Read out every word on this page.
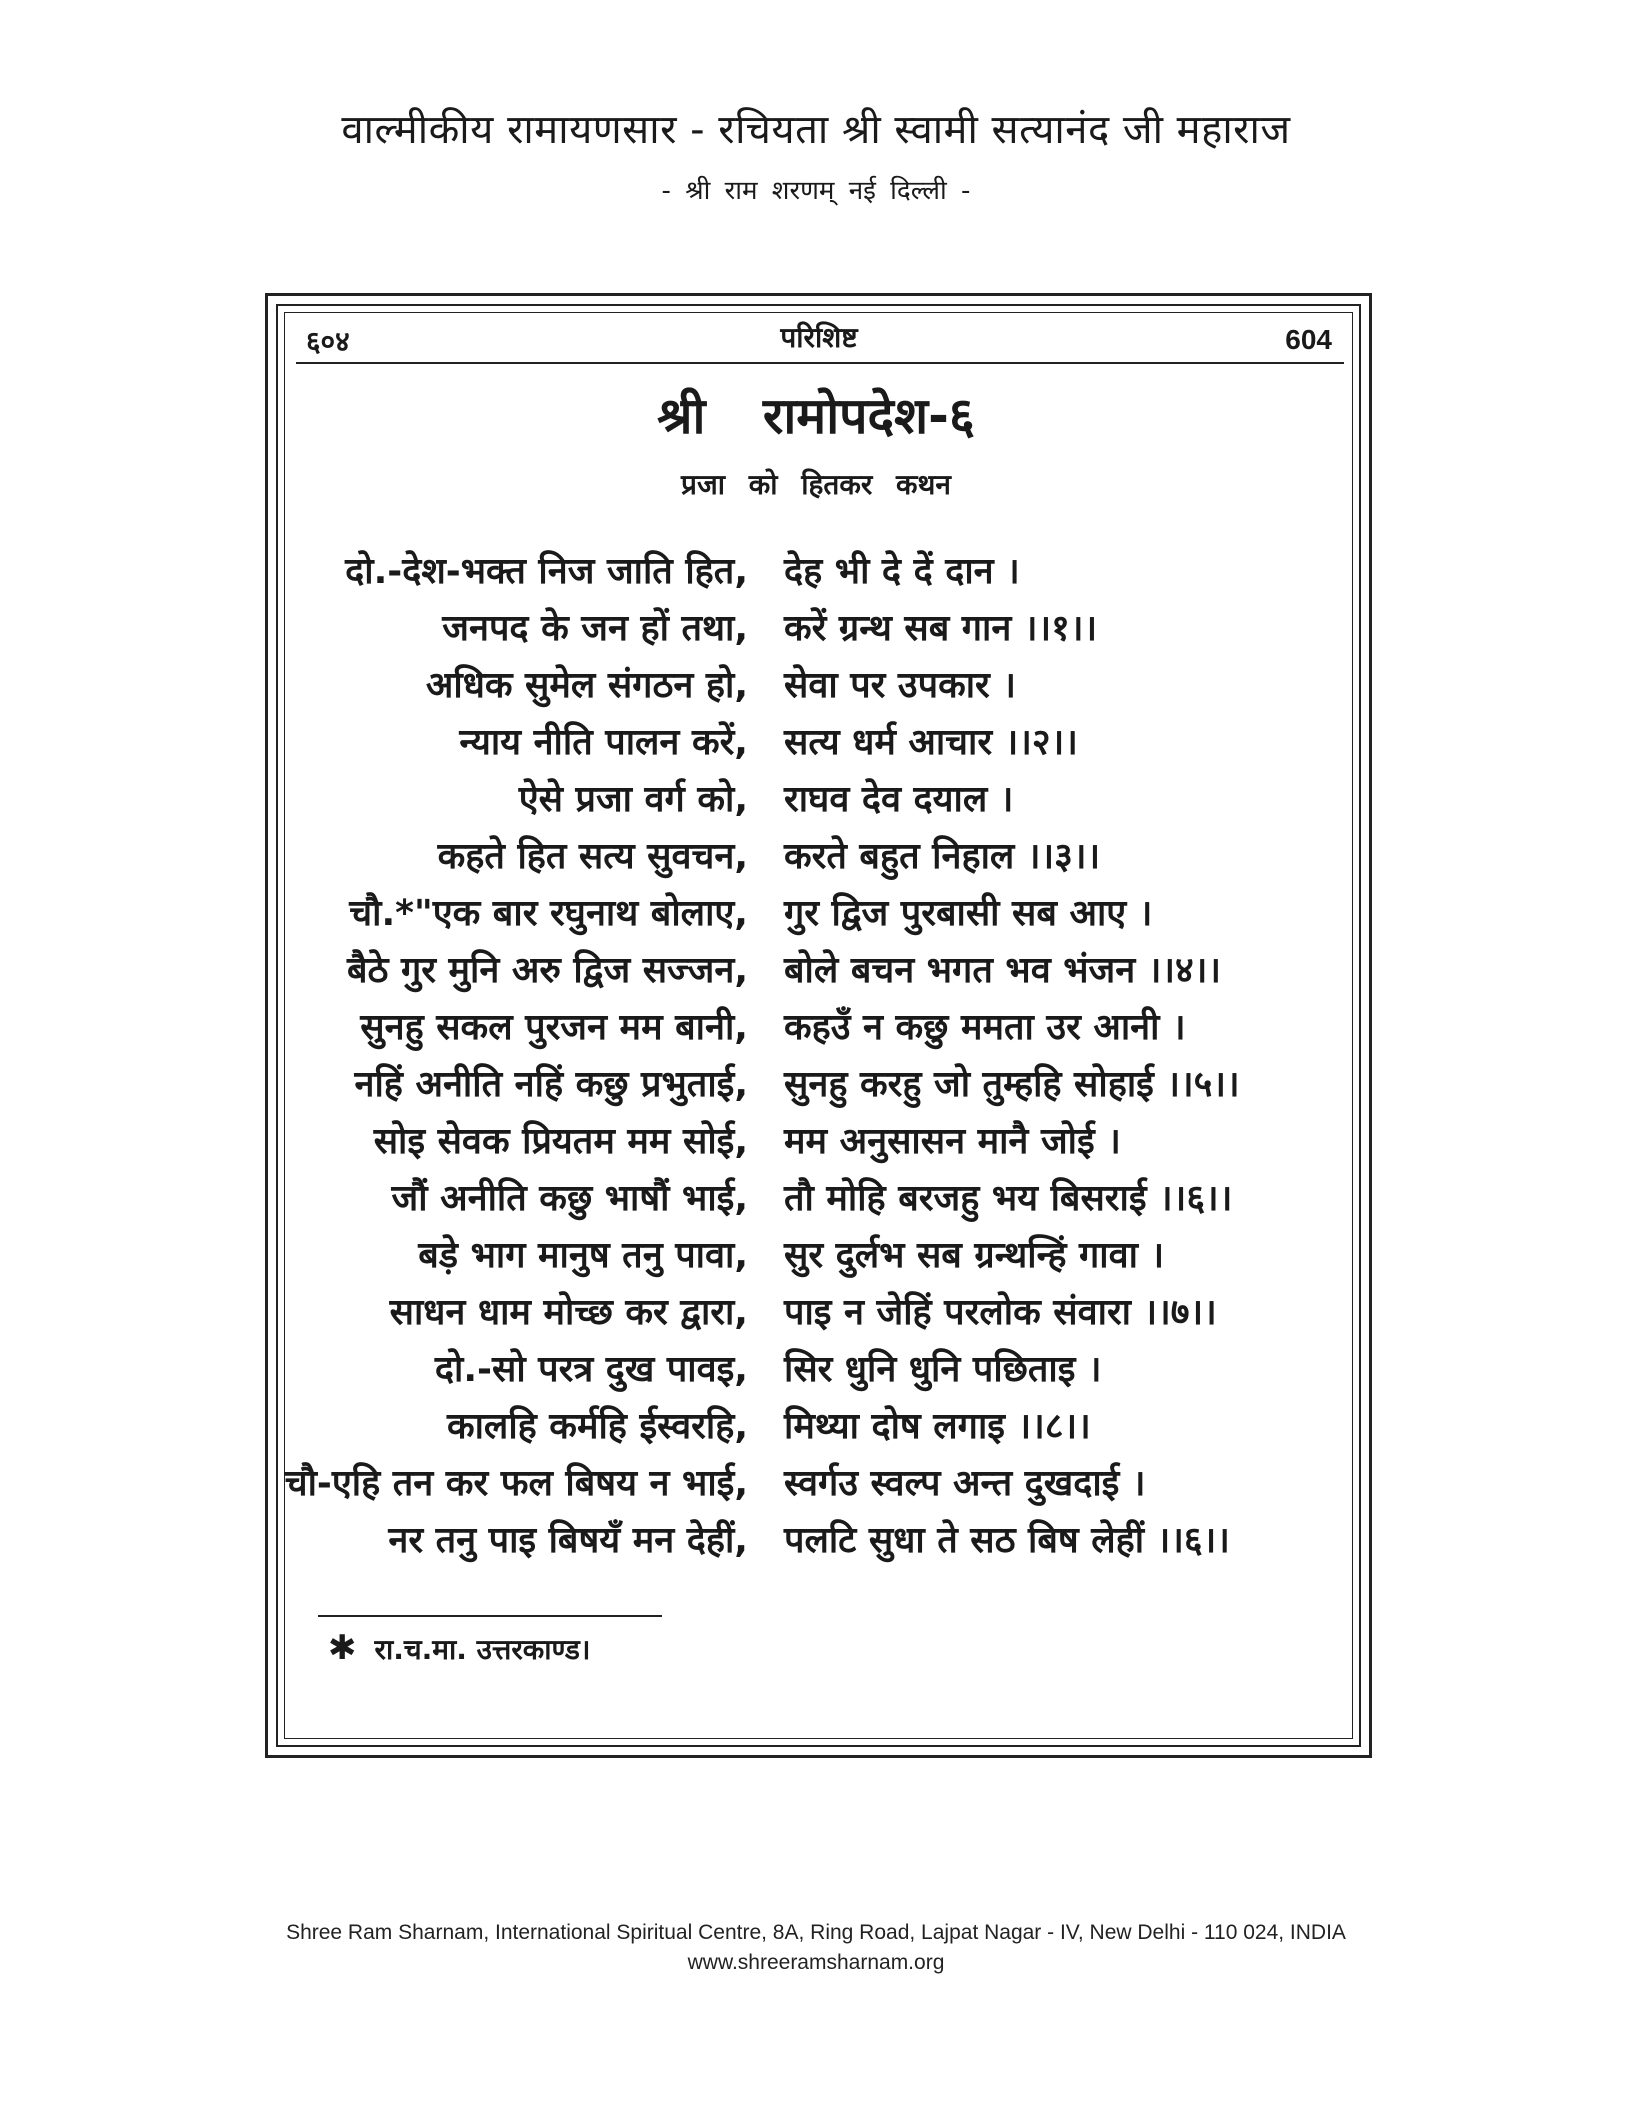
वाल्मीकीय रामायणसार - रचियता श्री स्वामी सत्यानंद जी महाराज
- श्री राम शरणम् नई दिल्ली -
६०४	परिशिष्ट	604
श्री रामोपदेश-६
प्रजा को हितकर कथन
दो.-देश-भक्त निज जाति हित, देह भी दे दें दान ।
जनपद के जन हों तथा, करें ग्रन्थ सब गान ।।१।।
अधिक सुमेल संगठन हो, सेवा पर उपकार ।
न्याय नीति पालन करें, सत्य धर्म आचार ।।२।।
ऐसे प्रजा वर्ग को, राघव देव दयाल ।
कहते हित सत्य सुवचन, करते बहुत निहाल ।।३।।
चौ.*"एक बार रघुनाथ बोलाए, गुर द्विज पुरबासी सब आए ।
बैठे गुर मुनि अरु द्विज सज्जन, बोले बचन भगत भव भंजन ।।४।।
सुनहु सकल पुरजन मम बानी, कहउँ न कछु ममता उर आनी ।
नहिं अनीति नहिं कछु प्रभुताई, सुनहु करहु जो तुम्हहि सोहाई ।।५।।
सोइ सेवक प्रियतम मम सोई, मम अनुसासन मानै जोई ।
जौं अनीति कछु भाषौं भाई, तौ मोहि बरजहु भय बिसराई ।।६।।
बड़े भाग मानुष तनु पावा, सुर दुर्लभ सब ग्रन्थन्हिं गावा ।
साधन धाम मोच्छ कर द्वारा, पाइ न जेहिं परलोक संवारा ।।७।।
दो.-सो परत्र दुख पावइ, सिर धुनि धुनि पछिताइ ।
कालहि कर्महि ईस्वरहि, मिथ्या दोष लगाइ ।।८।।
चौ-एहि तन कर फल बिषय न भाई, स्वर्गउ स्वल्प अन्त दुखदाई ।
नर तनु पाइ बिषयँ मन देहीं, पलटि सुधा ते सठ बिष लेहीं ।।६।।
✱ रा.च.मा. उत्तरकाण्ड।
Shree Ram Sharnam, International Spiritual Centre, 8A, Ring Road, Lajpat Nagar - IV, New Delhi - 110 024, INDIA
www.shreeramsharnam.org
